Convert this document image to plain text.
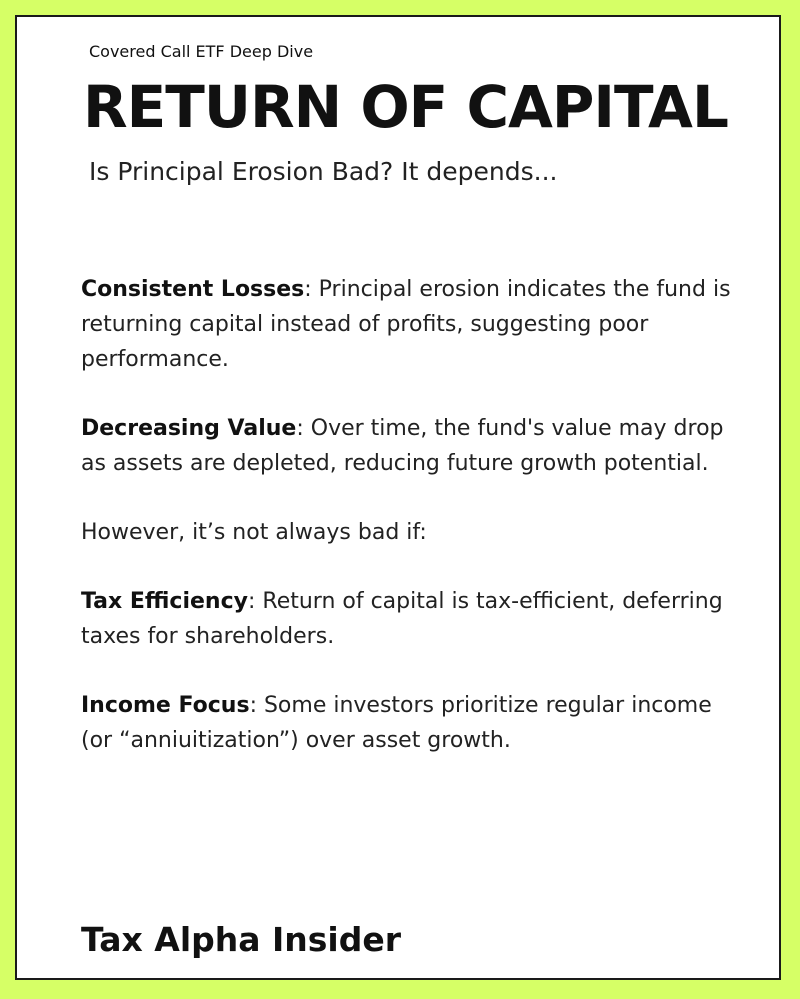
Covered Call ETF Deep Dive
RETURN OF CAPITAL
Is Principal Erosion Bad? It depends...

Consistent Losses: Principal erosion indicates the fund is returning capital instead of profits, suggesting poor performance.

Decreasing Value: Over time, the fund's value may drop as assets are depleted, reducing future growth potential.

However, it’s not always bad if:

Tax Efficiency: Return of capital is tax-efficient, deferring taxes for shareholders.

Income Focus: Some investors prioritize regular income (or “anniuitization”) over asset growth.

Tax Alpha Insider
